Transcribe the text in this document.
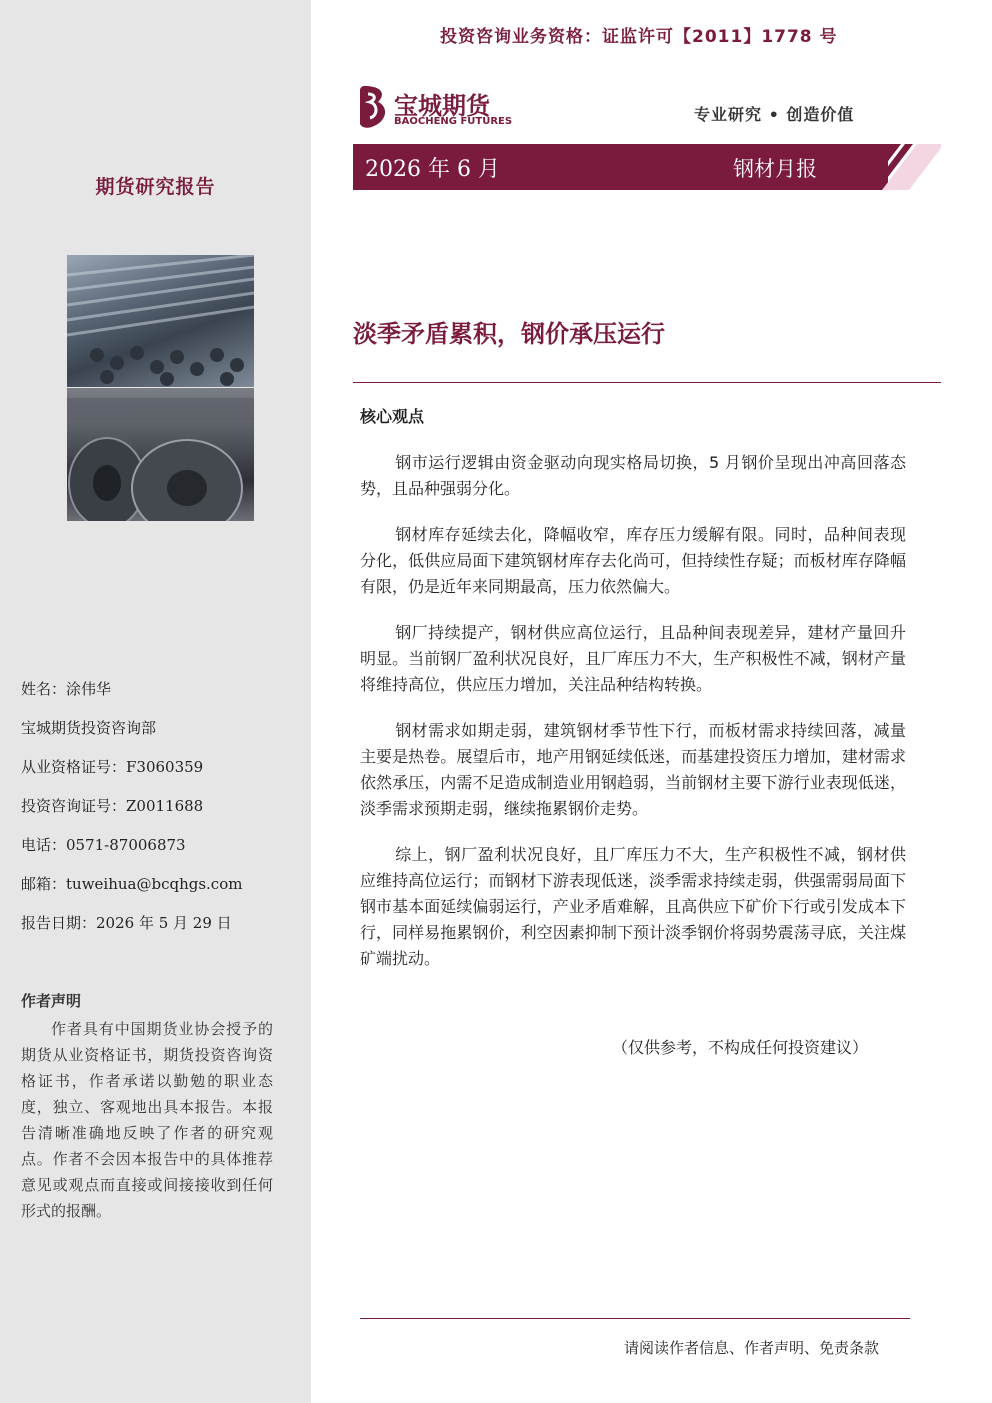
期货研究报告
姓名：涂伟华
宝城期货投资咨询部
从业资格证号：F3060359
投资咨询证号：Z0011688
电话：0571-87006873
邮箱：tuweihua@bcqhgs.com
报告日期：2026 年 5 月 29 日
作者声明
作者具有中国期货业协会授予的期货从业资格证书，期货投资咨询资格证书，作者承诺以勤勉的职业态度，独立、客观地出具本报告。本报告清晰准确地反映了作者的研究观点。作者不会因本报告中的具体推荐意见或观点而直接或间接接收到任何形式的报酬。
投资咨询业务资格：证监许可【2011】1778 号
宝城期货
BAOCHENG FUTURES	专业研究 • 创造价值
2026 年 6 月	钢材月报
淡季矛盾累积，钢价承压运行
核心观点

钢市运行逻辑由资金驱动向现实格局切换，5 月钢价呈现出冲高回落态势，且品种强弱分化。

钢材库存延续去化，降幅收窄，库存压力缓解有限。同时，品种间表现分化，低供应局面下建筑钢材库存去化尚可，但持续性存疑；而板材库存降幅有限，仍是近年来同期最高，压力依然偏大。

钢厂持续提产，钢材供应高位运行，且品种间表现差异，建材产量回升明显。当前钢厂盈利状况良好，且厂库压力不大，生产积极性不减，钢材产量将维持高位，供应压力增加，关注品种结构转换。

钢材需求如期走弱，建筑钢材季节性下行，而板材需求持续回落，减量主要是热卷。展望后市，地产用钢延续低迷，而基建投资压力增加，建材需求依然承压，内需不足造成制造业用钢趋弱，当前钢材主要下游行业表现低迷，淡季需求预期走弱，继续拖累钢价走势。

综上，钢厂盈利状况良好，且厂库压力不大，生产积极性不减，钢材供应维持高位运行；而钢材下游表现低迷，淡季需求持续走弱，供强需弱局面下钢市基本面延续偏弱运行，产业矛盾难解，且高供应下矿价下行或引发成本下行，同样易拖累钢价，利空因素抑制下预计淡季钢价将弱势震荡寻底，关注煤矿端扰动。

（仅供参考，不构成任何投资建议）
请阅读作者信息、作者声明、免责条款
